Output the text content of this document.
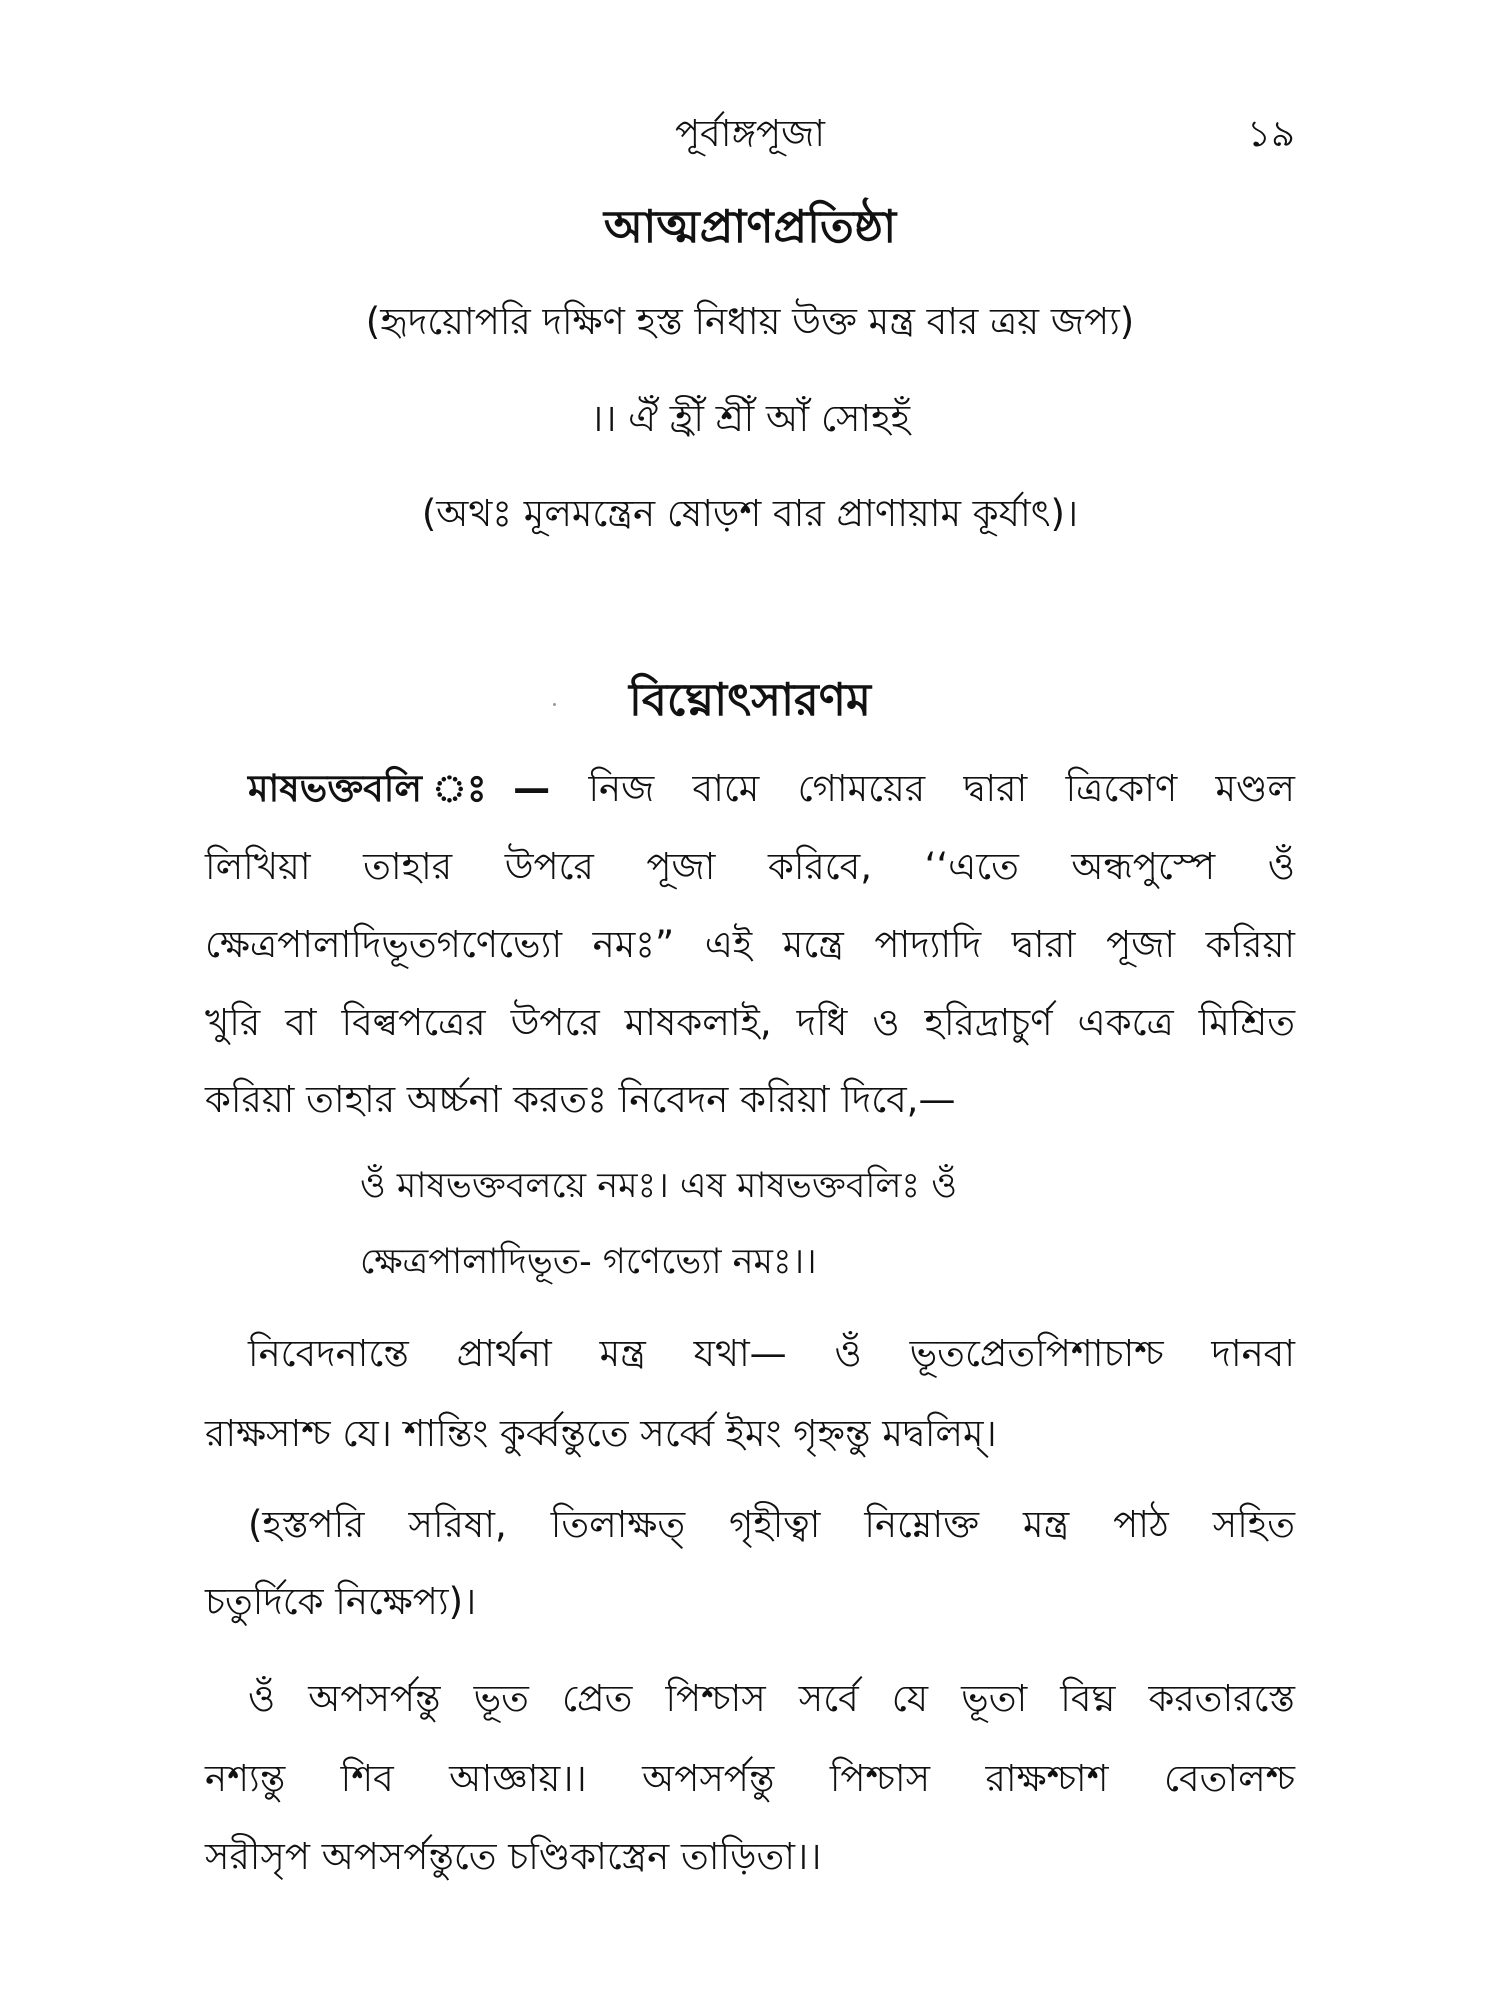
পূর্বাঙ্গপূজা	১৯
আত্মপ্রাণপ্রতিষ্ঠা
(হৃদয়োপরি দক্ষিণ হস্ত নিধায় উক্ত মন্ত্র বার ত্রয় জপ্য)
।। ঐঁ হ্রীঁ শ্রীঁ আঁ সোহহঁ
(অথঃ মূলমন্ত্রেন ষোড়শ বার প্রাণায়াম কূর্যাৎ)।
বিঘ্নোৎসারণম
মাষভক্তবলি ঃ— নিজ বামে গোময়ের দ্বারা ত্রিকোণ মণ্ডল
লিখিয়া তাহার উপরে পূজা করিবে, ‘‘এতে অন্ধপুস্পে ওঁ
ক্ষেত্রপালাদিভূতগণেভ্যো নমঃ” এই মন্ত্রে পাদ্যাদি দ্বারা পূজা করিয়া
খুরি বা বিল্বপত্রের উপরে মাষকলাই, দধি ও হরিদ্রাচুর্ণ একত্রে মিশ্রিত
করিয়া তাহার অর্চ্চনা করতঃ নিবেদন করিয়া দিবে,—
ওঁ মাষভক্তবলয়ে নমঃ। এষ মাষভক্তবলিঃ ওঁ
ক্ষেত্রপালাদিভূত- গণেভ্যো নমঃ।।
নিবেদনান্তে প্রার্থনা মন্ত্র যথা— ওঁ ভূতপ্রেতপিশাচাশ্চ দানবা
রাক্ষসাশ্চ যে। শান্তিং কুর্ব্বন্তুতে সর্ব্বে ইমং গৃহ্নন্তু মদ্বলিম্।
(হস্তপরি সরিষা, তিলাক্ষত্ গৃহীত্বা নিম্নোক্ত মন্ত্র পাঠ সহিত
চতুর্দিকে নিক্ষেপ্য)।
ওঁ অপসর্পন্তু ভূত প্রেত পিশ্চাস সর্বে যে ভূতা বিঘ্ন করতারস্তে
নশ্যন্তু শিব আজ্ঞায়।। অপসর্পন্তু পিশ্চাস রাক্ষশ্চাশ বেতালশ্চ
সরীসৃপ অপসর্পন্তুতে চণ্ডিকাস্ত্রেন তাড়িতা।।
